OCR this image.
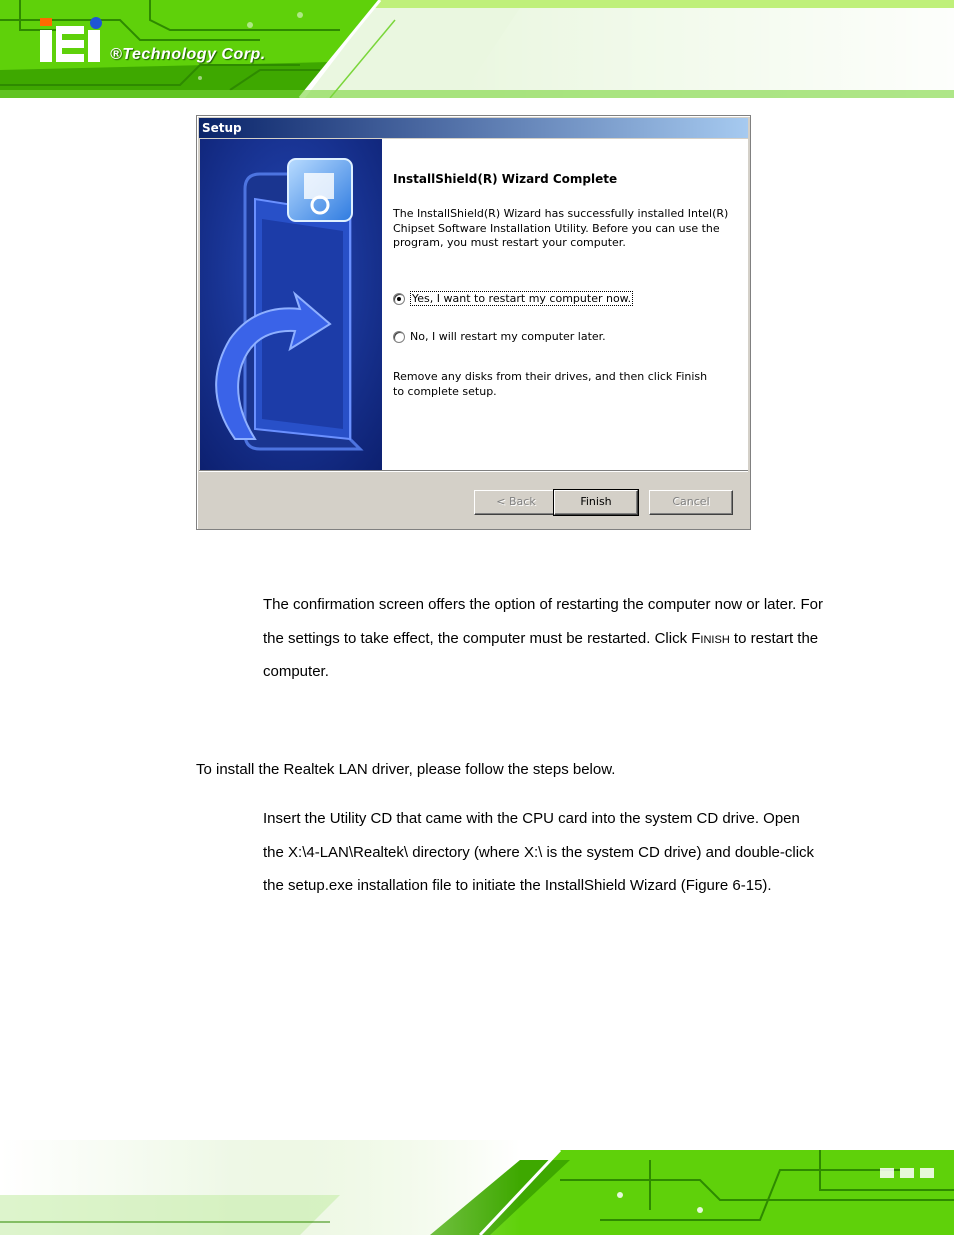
®Technology Corp.
Setup
InstallShield(R) Wizard Complete
The InstallShield(R) Wizard has successfully installed Intel(R) Chipset Software Installation Utility. Before you can use the program, you must restart your computer.
Yes, I want to restart my computer now.
No, I will restart my computer later.
Remove any disks from their drives, and then click Finish to complete setup.
< Back	Finish	Cancel
The confirmation screen offers the option of restarting the computer now or later. For the settings to take effect, the computer must be restarted. Click Finish to restart the computer.
To install the Realtek LAN driver, please follow the steps below.
Insert the Utility CD that came with the CPU card into the system CD drive. Open the X:\4-LAN\Realtek\ directory (where X:\ is the system CD drive) and double-click the setup.exe installation file to initiate the InstallShield Wizard (Figure 6-15).
